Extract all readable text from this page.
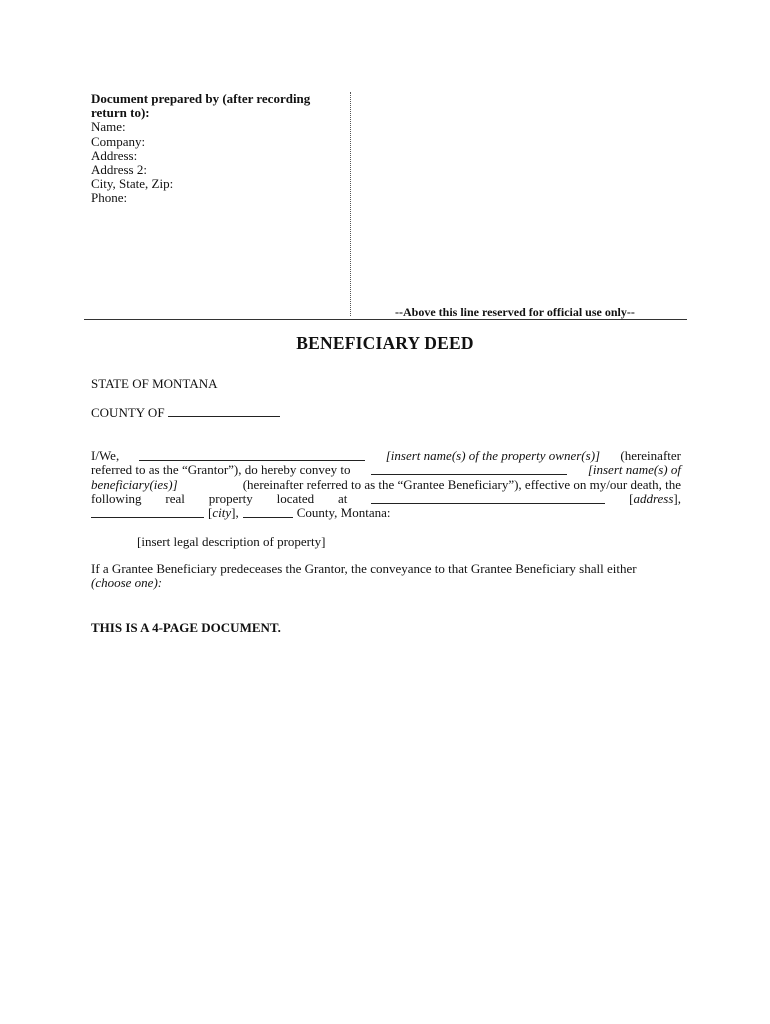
Document prepared by (after recording
return to):
Name:
Company:
Address:
Address 2:
City, State, Zip:
Phone:
--Above this line reserved for official use only--
BENEFICIARY DEED
STATE OF MONTANA
COUNTY OF
I/We,	[insert name(s) of the property owner(s)] (hereinafter
referred to as the “Grantor”), do hereby convey to	[insert name(s) of
beneficiary(ies)]	(hereinafter referred to as the “Grantee Beneficiary”), effective on my/our death, the
following real property located at	[address],
[city],	County, Montana:
[insert legal description of property]
If a Grantee Beneficiary predeceases the Grantor, the conveyance to that Grantee Beneficiary shall either
(choose one):
THIS IS A 4-PAGE DOCUMENT.
